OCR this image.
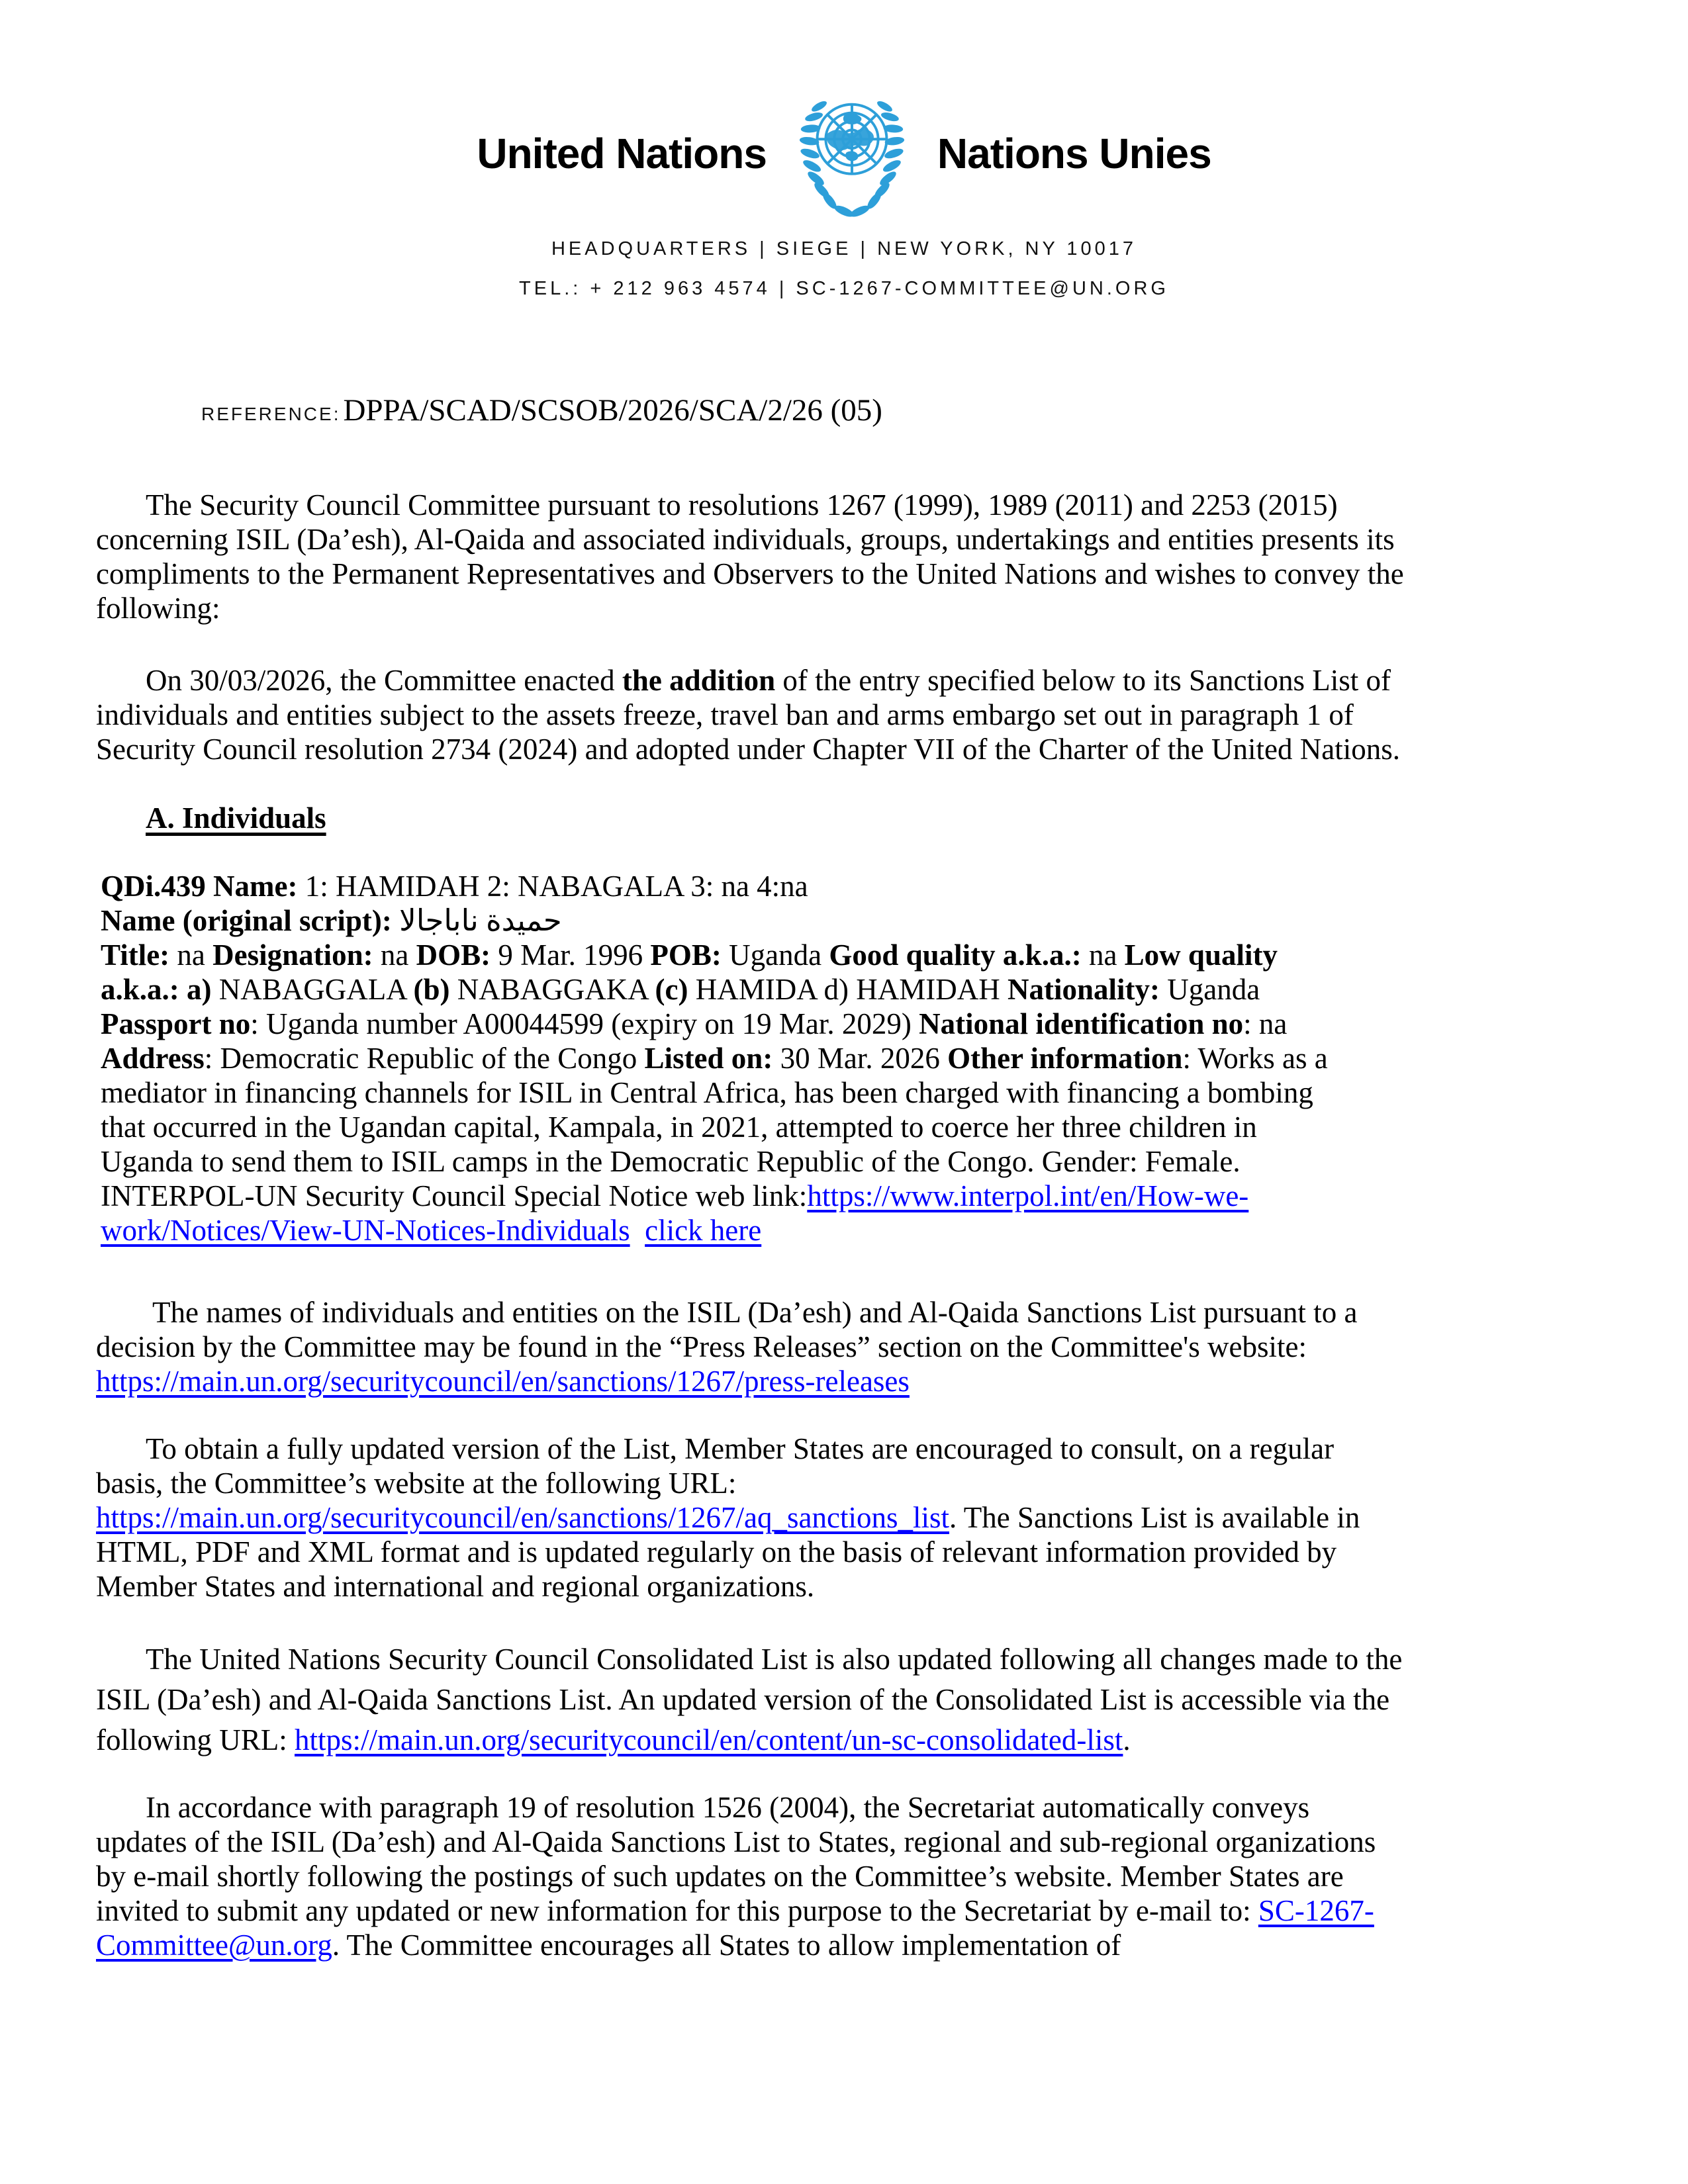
United Nations	Nations Unies
HEADQUARTERS | SIEGE | NEW YORK, NY 10017
TEL.: + 212 963 4574 | SC-1267-COMMITTEE@UN.ORG
REFERENCE: DPPA/SCAD/SCSOB/2026/SCA/2/26 (05)

The Security Council Committee pursuant to resolutions 1267 (1999), 1989 (2011) and 2253 (2015) concerning ISIL (Da’esh), Al-Qaida and associated individuals, groups, undertakings and entities presents its compliments to the Permanent Representatives and Observers to the United Nations and wishes to convey the following:

On 30/03/2026, the Committee enacted the addition of the entry specified below to its Sanctions List of individuals and entities subject to the assets freeze, travel ban and arms embargo set out in paragraph 1 of Security Council resolution 2734 (2024) and adopted under Chapter VII of the Charter of the United Nations.

A. Individuals

QDi.439 Name: 1: HAMIDAH 2: NABAGALA 3: na 4:na
Name (original script): حميدة ناباجالا
Title: na Designation: na DOB: 9 Mar. 1996 POB: Uganda Good quality a.k.a.: na Low quality a.k.a.: a) NABAGGALA (b) NABAGGAKA (c) HAMIDA d) HAMIDAH Nationality: Uganda Passport no: Uganda number A00044599 (expiry on 19 Mar. 2029) National identification no: na Address: Democratic Republic of the Congo Listed on: 30 Mar. 2026 Other information: Works as a mediator in financing channels for ISIL in Central Africa, has been charged with financing a bombing that occurred in the Ugandan capital, Kampala, in 2021, attempted to coerce her three children in Uganda to send them to ISIL camps in the Democratic Republic of the Congo. Gender: Female. INTERPOL-UN Security Council Special Notice web link:https://www.interpol.int/en/How-we-work/Notices/View-UN-Notices-Individuals click here

The names of individuals and entities on the ISIL (Da’esh) and Al-Qaida Sanctions List pursuant to a decision by the Committee may be found in the “Press Releases” section on the Committee's website: https://main.un.org/securitycouncil/en/sanctions/1267/press-releases

To obtain a fully updated version of the List, Member States are encouraged to consult, on a regular basis, the Committee’s website at the following URL: https://main.un.org/securitycouncil/en/sanctions/1267/aq_sanctions_list. The Sanctions List is available in HTML, PDF and XML format and is updated regularly on the basis of relevant information provided by Member States and international and regional organizations.

The United Nations Security Council Consolidated List is also updated following all changes made to the ISIL (Da’esh) and Al-Qaida Sanctions List. An updated version of the Consolidated List is accessible via the following URL: https://main.un.org/securitycouncil/en/content/un-sc-consolidated-list.

In accordance with paragraph 19 of resolution 1526 (2004), the Secretariat automatically conveys updates of the ISIL (Da’esh) and Al-Qaida Sanctions List to States, regional and sub-regional organizations by e-mail shortly following the postings of such updates on the Committee’s website. Member States are invited to submit any updated or new information for this purpose to the Secretariat by e-mail to: SC-1267-Committee@un.org. The Committee encourages all States to allow implementation of
